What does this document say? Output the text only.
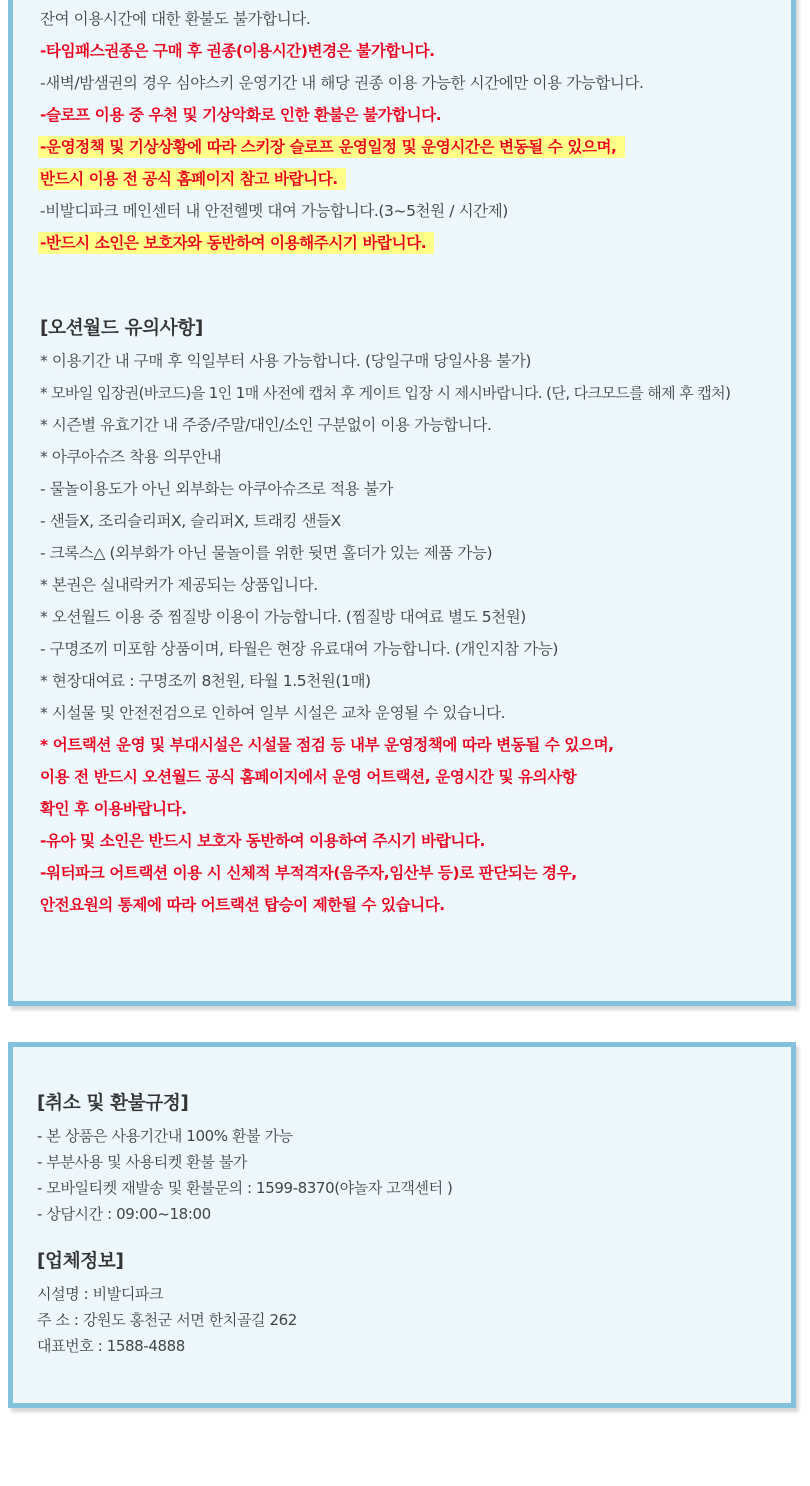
잔여 이용시간에 대한 환불도 불가합니다.
-타임패스권종은 구매 후 권종(이용시간)변경은 불가합니다.
-새벽/밤샘권의 경우 심야스키 운영기간 내 해당 권종 이용 가능한 시간에만 이용 가능합니다.
-슬로프 이용 중 우천 및 기상악화로 인한 환불은 불가합니다.
-운영정책 및 기상상황에 따라 스키장 슬로프 운영일정 및 운영시간은 변동될 수 있으며,
반드시 이용 전 공식 홈페이지 참고 바랍니다.
-비발디파크 메인센터 내 안전헬멧 대여 가능합니다.(3~5천원 / 시간제)
-반드시 소인은 보호자와 동반하여 이용해주시기 바랍니다.
[오션월드 유의사항]
* 이용기간 내 구매 후 익일부터 사용 가능합니다. (당일구매 당일사용 불가)
* 모바일 입장권(바코드)을 1인 1매 사전에 캡처 후 게이트 입장 시 제시바랍니다. (단, 다크모드를 해제 후 캡처)
* 시즌별 유효기간 내 주중/주말/대인/소인 구분없이 이용 가능합니다.
* 아쿠아슈즈 착용 의무안내
- 물놀이용도가 아닌 외부화는 아쿠아슈즈로 적용 불가
- 샌들X, 조리슬리퍼X, 슬리퍼X, 트래킹 샌들X
- 크록스△ (외부화가 아닌 물놀이를 위한 뒷면 홀더가 있는 제품 가능)
* 본권은 실내락커가 제공되는 상품입니다.
* 오션월드 이용 중 찜질방 이용이 가능합니다. (찜질방 대여료 별도 5천원)
- 구명조끼 미포함 상품이며, 타월은 현장 유료대여 가능합니다. (개인지참 가능)
* 현장대여료 : 구명조끼 8천원, 타월 1.5천원(1매)
* 시설물 및 안전전검으로 인하여 일부 시설은 교차 운영될 수 있습니다.
* 어트랙션 운영 및 부대시설은 시설물 점검 등 내부 운영정책에 따라 변동될 수 있으며,
이용 전 반드시 오션월드 공식 홈페이지에서 운영 어트랙션, 운영시간 및 유의사항
확인 후 이용바랍니다.
-유아 및 소인은 반드시 보호자 동반하여 이용하여 주시기 바랍니다.
-워터파크 어트랙션 이용 시 신체적 부적격자(음주자,임산부 등)로 판단되는 경우,
안전요원의 통제에 따라 어트랙션 탑승이 제한될 수 있습니다.
[취소 및 환불규정]
- 본 상품은 사용기간내 100% 환불 가능
- 부분사용 및 사용티켓 환불 불가
- 모바일티켓 재발송 및 환불문의 : 1599-8370(야놀자 고객센터 )
- 상담시간 : 09:00~18:00
[업체정보]
시설명 : 비발디파크
주 소 : 강원도 홍천군 서면 한치골길 262
대표번호 : 1588-4888
